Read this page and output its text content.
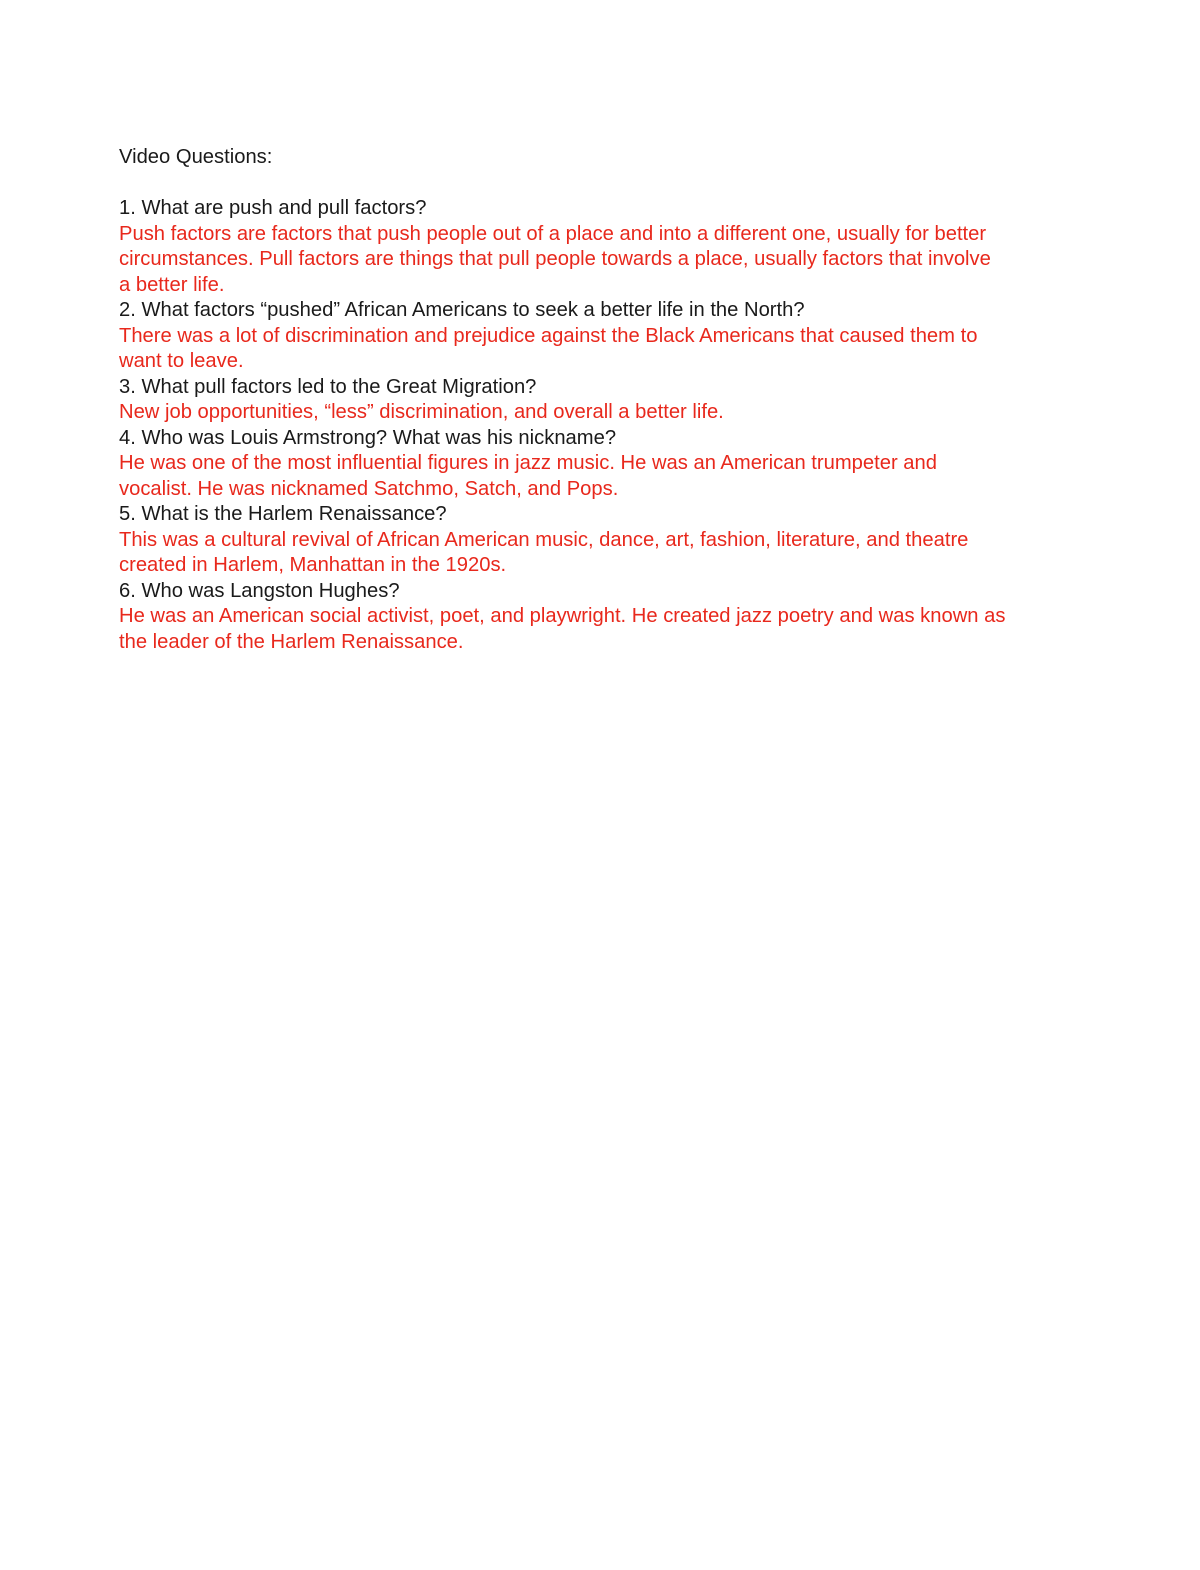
Video Questions:
1. What are push and pull factors?
Push factors are factors that push people out of a place and into a different one, usually for better
circumstances. Pull factors are things that pull people towards a place, usually factors that involve
a better life.
2. What factors “pushed” African Americans to seek a better life in the North?
There was a lot of discrimination and prejudice against the Black Americans that caused them to
want to leave.
3. What pull factors led to the Great Migration?
New job opportunities, “less” discrimination, and overall a better life.
4. Who was Louis Armstrong? What was his nickname?
He was one of the most influential figures in jazz music. He was an American trumpeter and
vocalist. He was nicknamed Satchmo, Satch, and Pops.
5. What is the Harlem Renaissance?
This was a cultural revival of African American music, dance, art, fashion, literature, and theatre
created in Harlem, Manhattan in the 1920s.
6. Who was Langston Hughes?
He was an American social activist, poet, and playwright. He created jazz poetry and was known as
the leader of the Harlem Renaissance.
